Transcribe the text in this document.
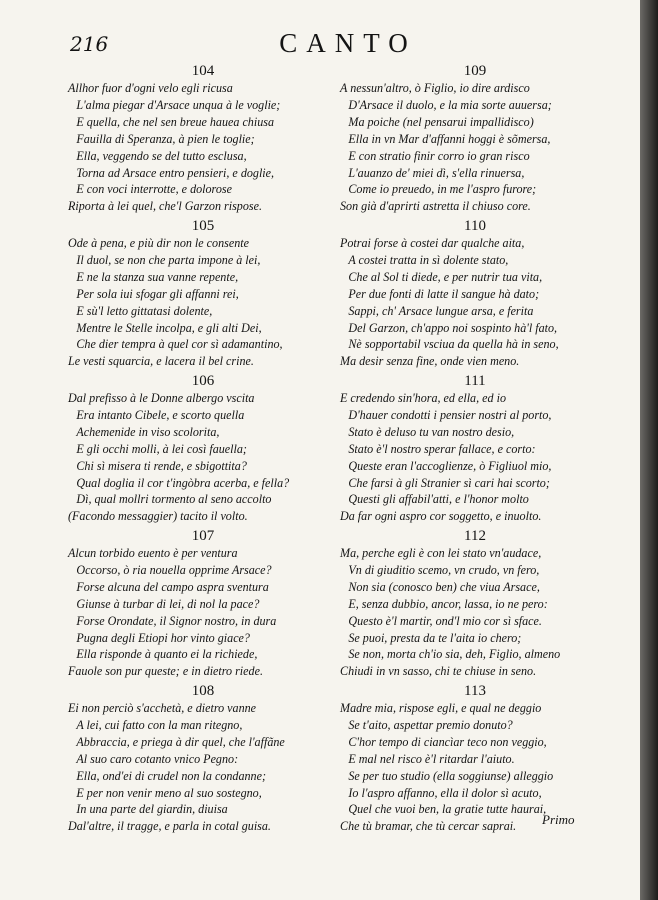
216	CANTO
104
Allhor fuor d'ogni velo egli ricusa
L'alma piegar d'Arsace unqua à le voglie;
E quella, che nel sen breue hauea chiusa
Fauilla di Speranza, à pien le toglie;
Ella, veggendo se del tutto esclusa,
Torna ad Arsace entro pensieri, e doglie,
E con voci interrotte, e dolorose
Riporta à lei quel, che'l Garzon rispose.
105
Ode à pena, e più dir non le consente
Il duol, se non che parta impone à lei,
E ne la stanza sua vanne repente,
Per sola iui sfogar gli affanni rei,
E sù'l letto gittatasi dolente,
Mentre le Stelle incolpa, e gli alti Dei,
Che dier tempra à quel cor sì adamantino,
Le vesti squarcia, e lacera il bel crine.
106
Dal prefisso à le Donne albergo vscita
Era intanto Cibele, e scorto quella
Achemenide in viso scolorita,
E gli occhi molli, à lei così fauella;
Chi sì misera ti rende, e sbigottita?
Qual doglia il cor t'ingòbra acerba, e fella?
Dì, qual mollri tormento al seno accolto
(Facondo messaggier) tacito il volto.
107
Alcun torbido euento è per ventura
Occorso, ò ria nouella opprime Arsace?
Forse alcuna del campo aspra sventura
Giunse à turbar di lei, di nol la pace?
Forse Orondate, il Signor nostro, in dura
Pugna degli Etiopi hor vinto giace?
Ella risponde à quanto ei la richiede,
Fauole son pur queste; e in dietro riede.
108
Ei non perciò s'acchetà, e dietro vanne
A lei, cui fatto con la man ritegno,
Abbraccia, e priega à dir quel, che l'affãne
Al suo caro cotanto vnico Pegno:
Ella, ond'ei di crudel non la condanne;
E per non venir meno al suo sostegno,
In una parte del giardin, diuisa
Dal'altre, il tragge, e parla in cotal guisa.
109
A nessun'altro, ò Figlio, io dire ardisco
D'Arsace il duolo, e la mia sorte auuersa;
Ma poiche (nel pensarui impallidisco)
Ella in vn Mar d'affanni hoggi è sõmersa,
E con stratio finir corro io gran risco
L'auanzo de' miei dì, s'ella rinuersa,
Come io preuedo, in me l'aspro furore;
Son già d'aprirti astretta il chiuso core.
110
Potrai forse à costei dar qualche aita,
A costei tratta in sì dolente stato,
Che al Sol ti diede, e per nutrir tua vita,
Per due fonti di latte il sangue hà dato;
Sappi, ch' Arsace lungue arsa, e ferita
Del Garzon, ch'appo noi sospinto hà'l fato,
Nè sopportabil vsciua da quella hà in seno,
Ma desir senza fine, onde vien meno.
111
E credendo sin'hora, ed ella, ed io
D'hauer condotti i pensier nostri al porto,
Stato è deluso tu van nostro desio,
Stato è'l nostro sperar fallace, e corto:
Queste eran l'accoglienze, ò Figliuol mio,
Che farsi à gli Stranier sì cari hai scorto;
Questi gli affabil'atti, e l'honor molto
Da far ogni aspro cor soggetto, e inuolto.
112
Ma, perche egli è con lei stato vn'audace,
Vn di giuditio scemo, vn crudo, vn fero,
Non sia (conosco ben) che viua Arsace,
E, senza dubbio, ancor, lassa, io ne pero:
Questo è'l martir, ond'l mio cor sì sface.
Se puoi, presta da te l'aita io chero;
Se non, morta ch'io sia, deh, Figlio, almeno
Chiudi in vn sasso, chi te chiuse in seno.
113
Madre mia, rispose egli, e qual ne deggio
Se t'aito, aspettar premio donuto?
C'hor tempo di ciancìar teco non veggio,
E mal nel risco è'l ritardar l'aiuto.
Se per tuo studio (ella soggiunse) alleggio
Io l'aspro affanno, ella il dolor sì acuto,
Quel che vuoi ben, la gratie tutte haurai,
Che tù bramar, che tù cercar saprai.	Primo
